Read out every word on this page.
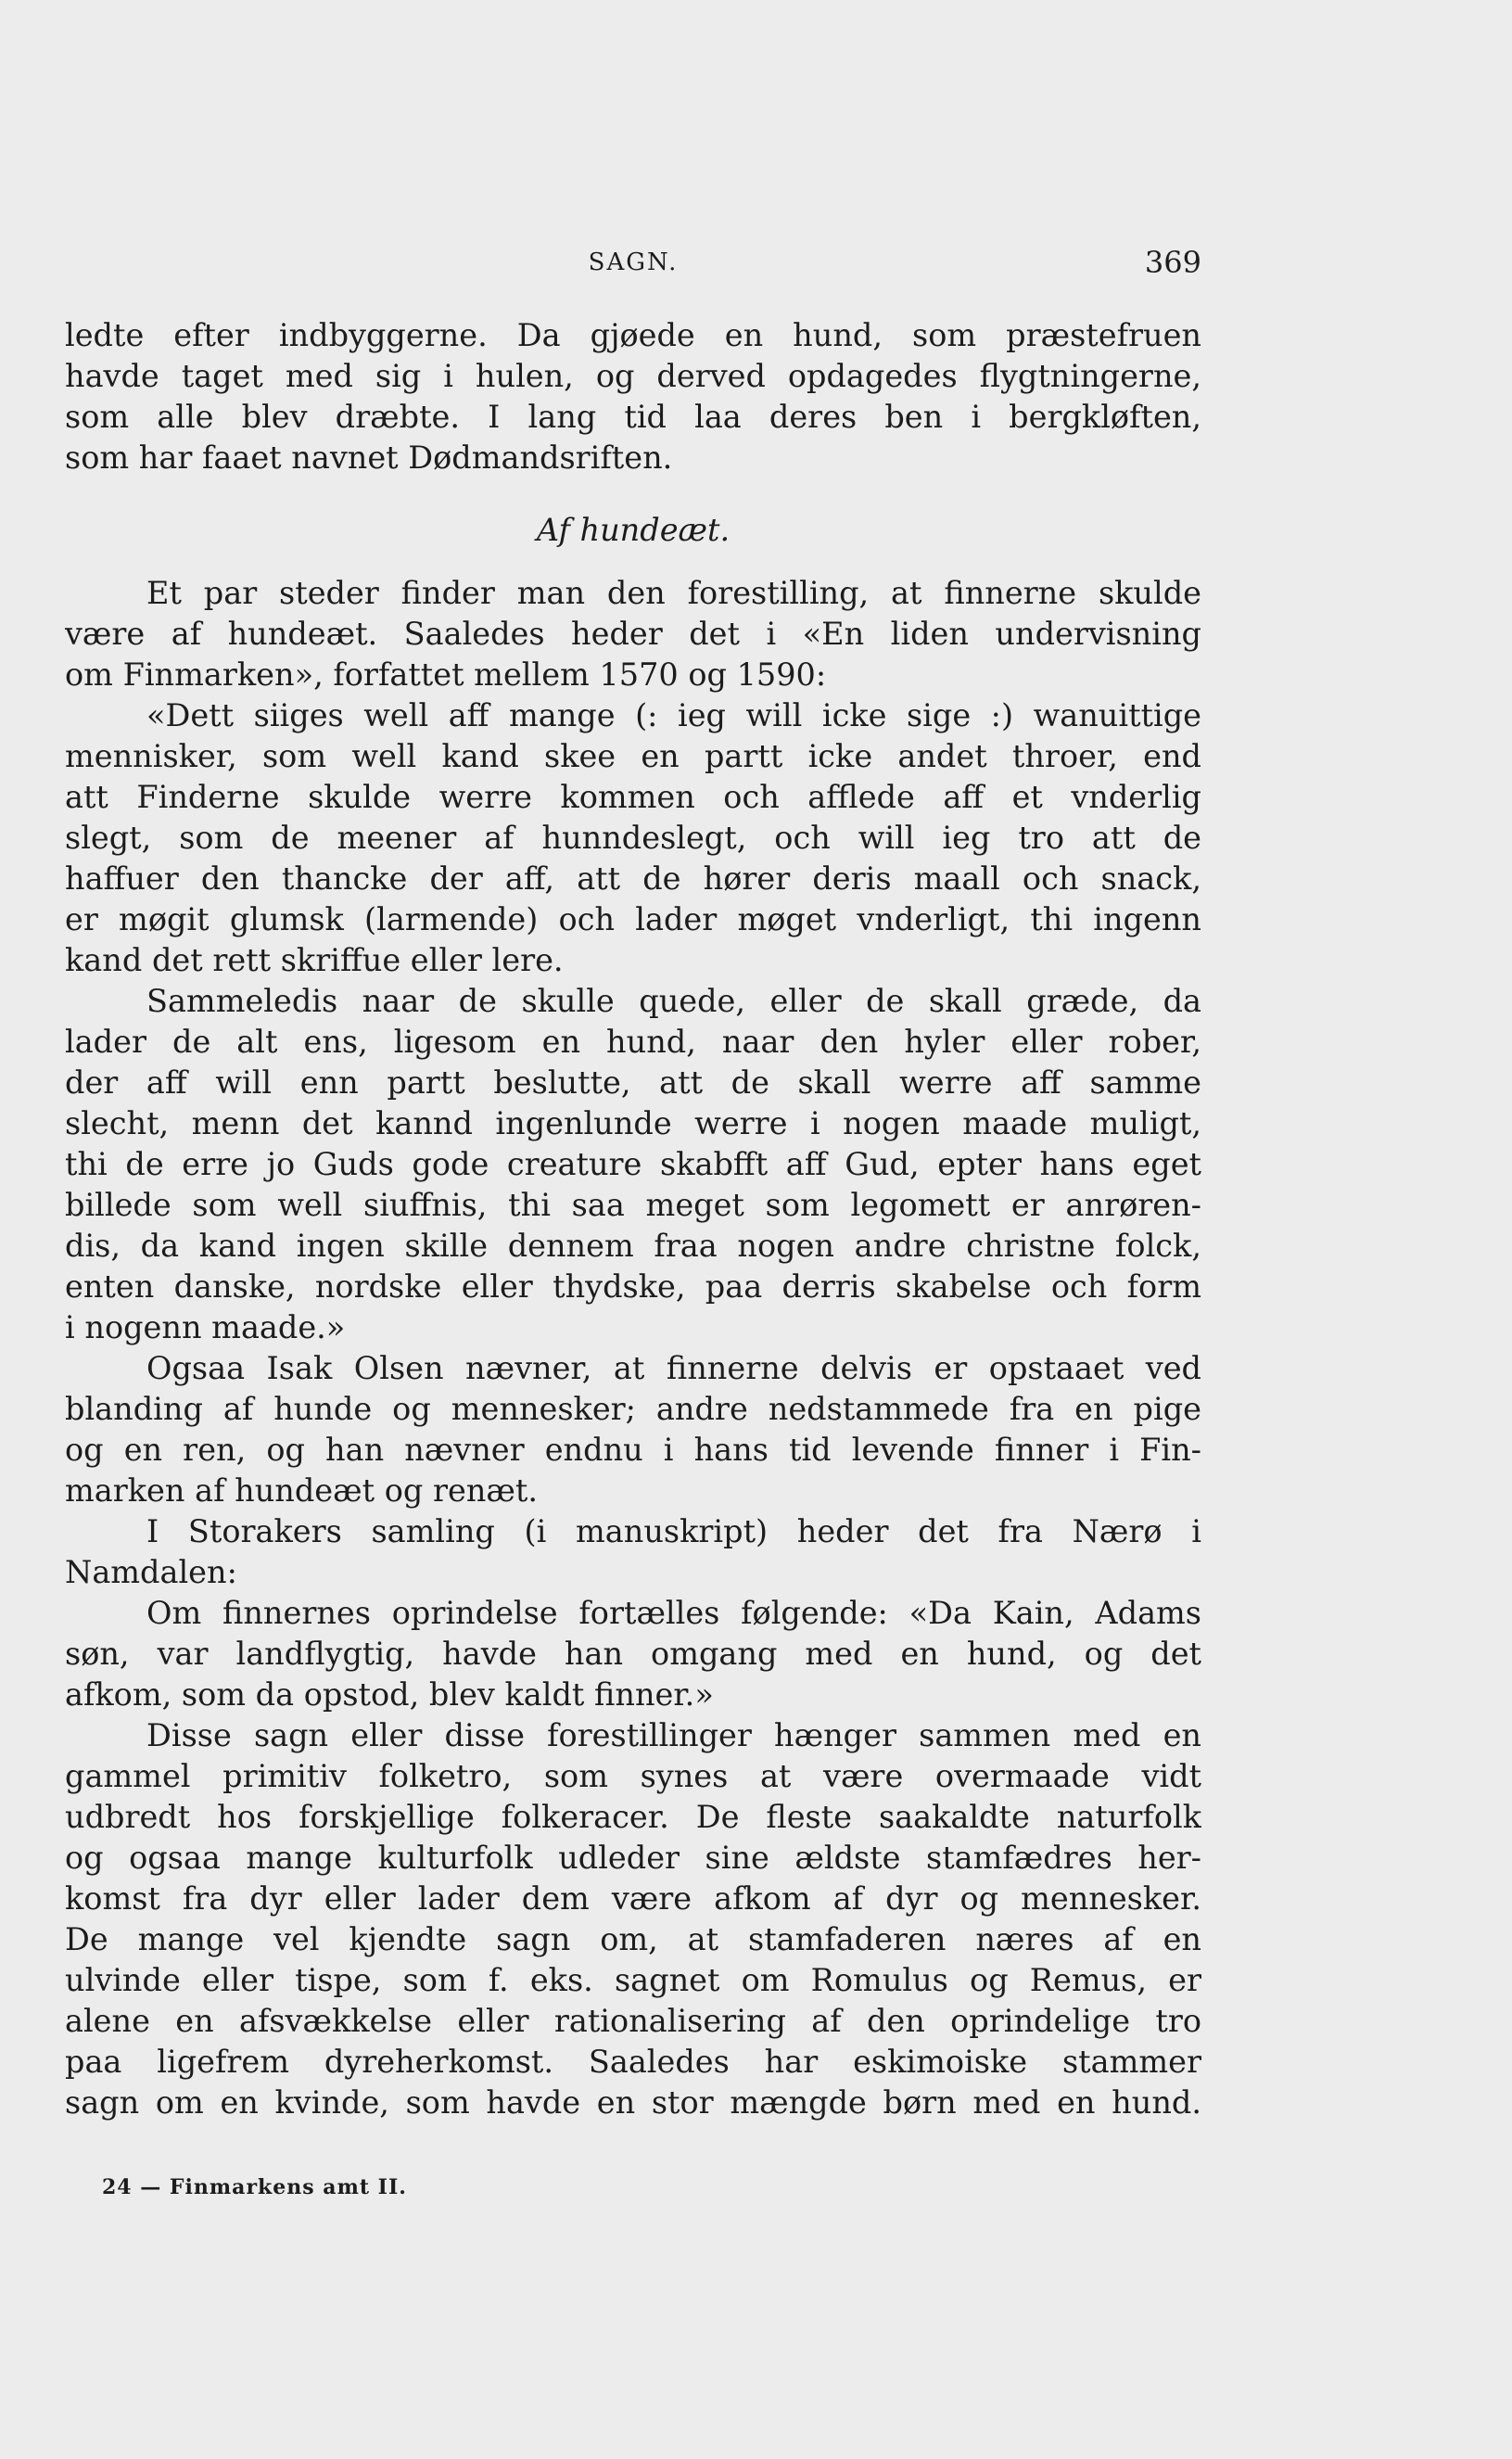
SAGN.	369
ledte efter indbyggerne. Da gjøede en hund, som præstefruen
havde taget med sig i hulen, og derved opdagedes flygtningerne,
som alle blev dræbte. I lang tid laa deres ben i bergkløften,
som har faaet navnet Dødmandsriften.
Af hundeæt.
Et par steder finder man den forestilling, at finnerne skulde
være af hundeæt. Saaledes heder det i «En liden undervisning
om Finmarken», forfattet mellem 1570 og 1590:
«Dett siiges well aff mange (: ieg will icke sige :) wanuittige
mennisker, som well kand skee en partt icke andet throer, end
att Finderne skulde werre kommen och afflede aff et vnderlig
slegt, som de meener af hunndeslegt, och will ieg tro att de
haffuer den thancke der aff, att de hører deris maall och snack,
er møgit glumsk (larmende) och lader møget vnderligt, thi ingenn
kand det rett skriffue eller lere.
Sammeledis naar de skulle quede, eller de skall græde, da
lader de alt ens, ligesom en hund, naar den hyler eller rober,
der aff will enn partt beslutte, att de skall werre aff samme
slecht, menn det kannd ingenlunde werre i nogen maade muligt,
thi de erre jo Guds gode creature skabfft aff Gud, epter hans eget
billede som well siuffnis, thi saa meget som legomett er anrøren-
dis, da kand ingen skille dennem fraa nogen andre christne folck,
enten danske, nordske eller thydske, paa derris skabelse och form
i nogenn maade.»
Ogsaa Isak Olsen nævner, at finnerne delvis er opstaaet ved
blanding af hunde og mennesker; andre nedstammede fra en pige
og en ren, og han nævner endnu i hans tid levende finner i Fin-
marken af hundeæt og renæt.
I Storakers samling (i manuskript) heder det fra Nærø i
Namdalen:
Om finnernes oprindelse fortælles følgende: «Da Kain, Adams
søn, var landflygtig, havde han omgang med en hund, og det
afkom, som da opstod, blev kaldt finner.»
Disse sagn eller disse forestillinger hænger sammen med en
gammel primitiv folketro, som synes at være overmaade vidt
udbredt hos forskjellige folkeracer. De fleste saakaldte naturfolk
og ogsaa mange kulturfolk udleder sine ældste stamfædres her-
komst fra dyr eller lader dem være afkom af dyr og mennesker.
De mange vel kjendte sagn om, at stamfaderen næres af en
ulvinde eller tispe, som f. eks. sagnet om Romulus og Remus, er
alene en afsvækkelse eller rationalisering af den oprindelige tro
paa ligefrem dyreherkomst. Saaledes har eskimoiske stammer
sagn om en kvinde, som havde en stor mængde børn med en hund.
24 — Finmarkens amt II.
